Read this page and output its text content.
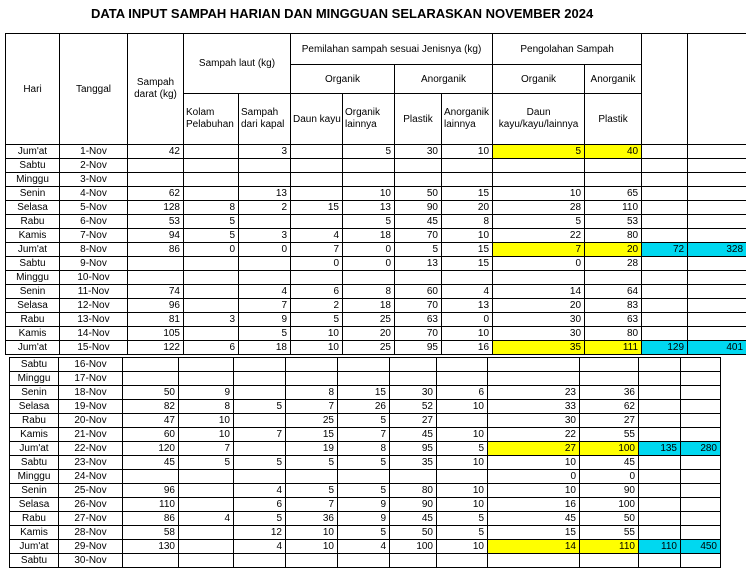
DATA INPUT SAMPAH HARIAN DAN MINGGUAN SELARASKAN NOVEMBER 2024
Hari	Tanggal	Sampah darat (kg)	Sampah laut (kg)		Pemilahan sampah sesuai Jenisnya (kg)				Pengolahan Sampah			
					Organik		Anorganik		Organik	Anorganik		
			Kolam Pelabuhan	Sampah dari kapal	Daun kayu	Organik lainnya	Plastik	Anorganik lainnya	Daun kayu/kayu/lainnya	Plastik		
Jum'at	1-Nov	42		3		5	30	10	5	40		
Sabtu	2-Nov											
Minggu	3-Nov											
Senin	4-Nov	62		13		10	50	15	10	65		
Selasa	5-Nov	128	8	2	15	13	90	20	28	110		
Rabu	6-Nov	53	5			5	45	8	5	53		
Kamis	7-Nov	94	5	3	4	18	70	10	22	80		
Jum'at	8-Nov	86	0	0	7	0	5	15	7	20	72	328
Sabtu	9-Nov				0	0	13	15	0	28		
Minggu	10-Nov											
Senin	11-Nov	74		4	6	8	60	4	14	64		
Selasa	12-Nov	96		7	2	18	70	13	20	83		
Rabu	13-Nov	81	3	9	5	25	63	0	30	63		
Kamis	14-Nov	105		5	10	20	70	10	30	80		
Jum'at	15-Nov	122	6	18	10	25	95	16	35	111	129	401
Sabtu	16-Nov											
Minggu	17-Nov											
Senin	18-Nov	50	9		8	15	30	6	23	36		
Selasa	19-Nov	82	8	5	7	26	52	10	33	62		
Rabu	20-Nov	47	10		25	5	27		30	27		
Kamis	21-Nov	60	10	7	15	7	45	10	22	55		
Jum'at	22-Nov	120	7		19	8	95	5	27	100	135	280
Sabtu	23-Nov	45	5	5	5	5	35	10	10	45		
Minggu	24-Nov								0	0		
Senin	25-Nov	96		4	5	5	80	10	10	90		
Selasa	26-Nov	110		6	7	9	90	10	16	100		
Rabu	27-Nov	86	4	5	36	9	45	5	45	50		
Kamis	28-Nov	58		12	10	5	50	5	15	55		
Jum'at	29-Nov	130		4	10	4	100	10	14	110	110	450
Sabtu	30-Nov											
